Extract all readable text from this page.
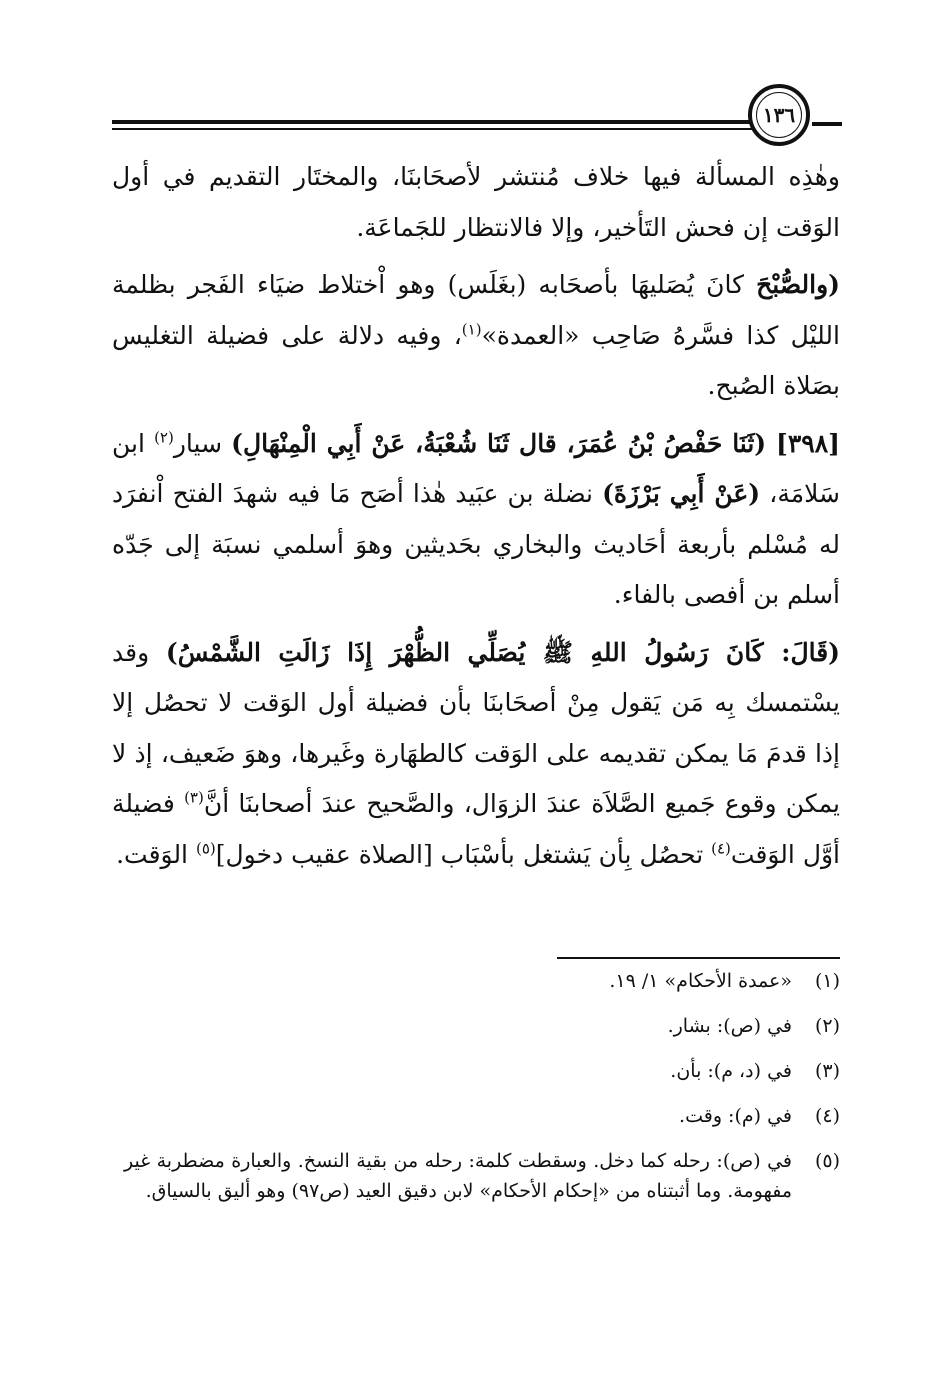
١٣٦

وهٰذِه المسألة فيها خلاف مُنتشر لأصحَابنَا، والمختَار التقديم في أول الوَقت إن فحش التَأخير، وإلا فالانتظار للجَماعَة.

(والصُّبْحَ كانَ يُصَليهَا بأصحَابه (بغَلَس) وهو اْختلاط ضيَاء الفَجر بظلمة الليْل كذا فسَّرهُ صَاحِب «العمدة»$^{(١)}$، وفيه دلالة على فضيلة التغليس بصَلاة الصُبح.

[٣٩٨] (ثَنَا حَفْصُ بْنُ عُمَرَ، قال ثَنَا شُعْبَةُ، عَنْ أَبِي الْمِنْهَالِ) سيار$^{(٢)}$ ابن سَلامَة، (عَنْ أَبِي بَرْزَةَ) نضلة بن عبَيد هٰذا أصَح مَا فيه شهدَ الفتح اْنفرَد له مُسْلم بأربعة أحَاديث والبخاري بحَديثين وهوَ أسلمي نسبَة إلى جَدّه أسلم بن أفصى بالفاء.

(قَالَ: كَانَ رَسُولُ اللهِ ﷺ يُصَلِّي الظُّهْرَ إِذَا زَالَتِ الشَّمْسُ) وقد يسْتمسك بِه مَن يَقول مِنْ أصحَابنَا بأن فضيلة أول الوَقت لا تحصُل إلا إذا قدمَ مَا يمكن تقديمه على الوَقت كالطهَارة وغَيرها، وهوَ ضَعيف، إذ لا يمكن وقوع جَميع الصَّلاَة عندَ الزوَال، والصَّحيح عندَ أصحابنَا أنَّ$^{(٣)}$ فضيلة أوَّل الوَقت$^{(٤)}$ تحصُل بِأن يَشتغل بأسْبَاب [الصلاة عقيب دخول]$^{(٥)}$ الوَقت.

(١)
«عمدة الأحكام» ١/ ١٩.
(٢)
في (ص): بشار.
(٣)
في (د، م): بأن.
(٤)
في (م): وقت.
(٥)
في (ص): رحله كما دخل. وسقطت كلمة: رحله من بقية النسخ. والعبارة مضطربة غير مفهومة. وما أثبتناه من «إحكام الأحكام» لابن دقيق العيد (ص٩٧) وهو أليق بالسياق.
